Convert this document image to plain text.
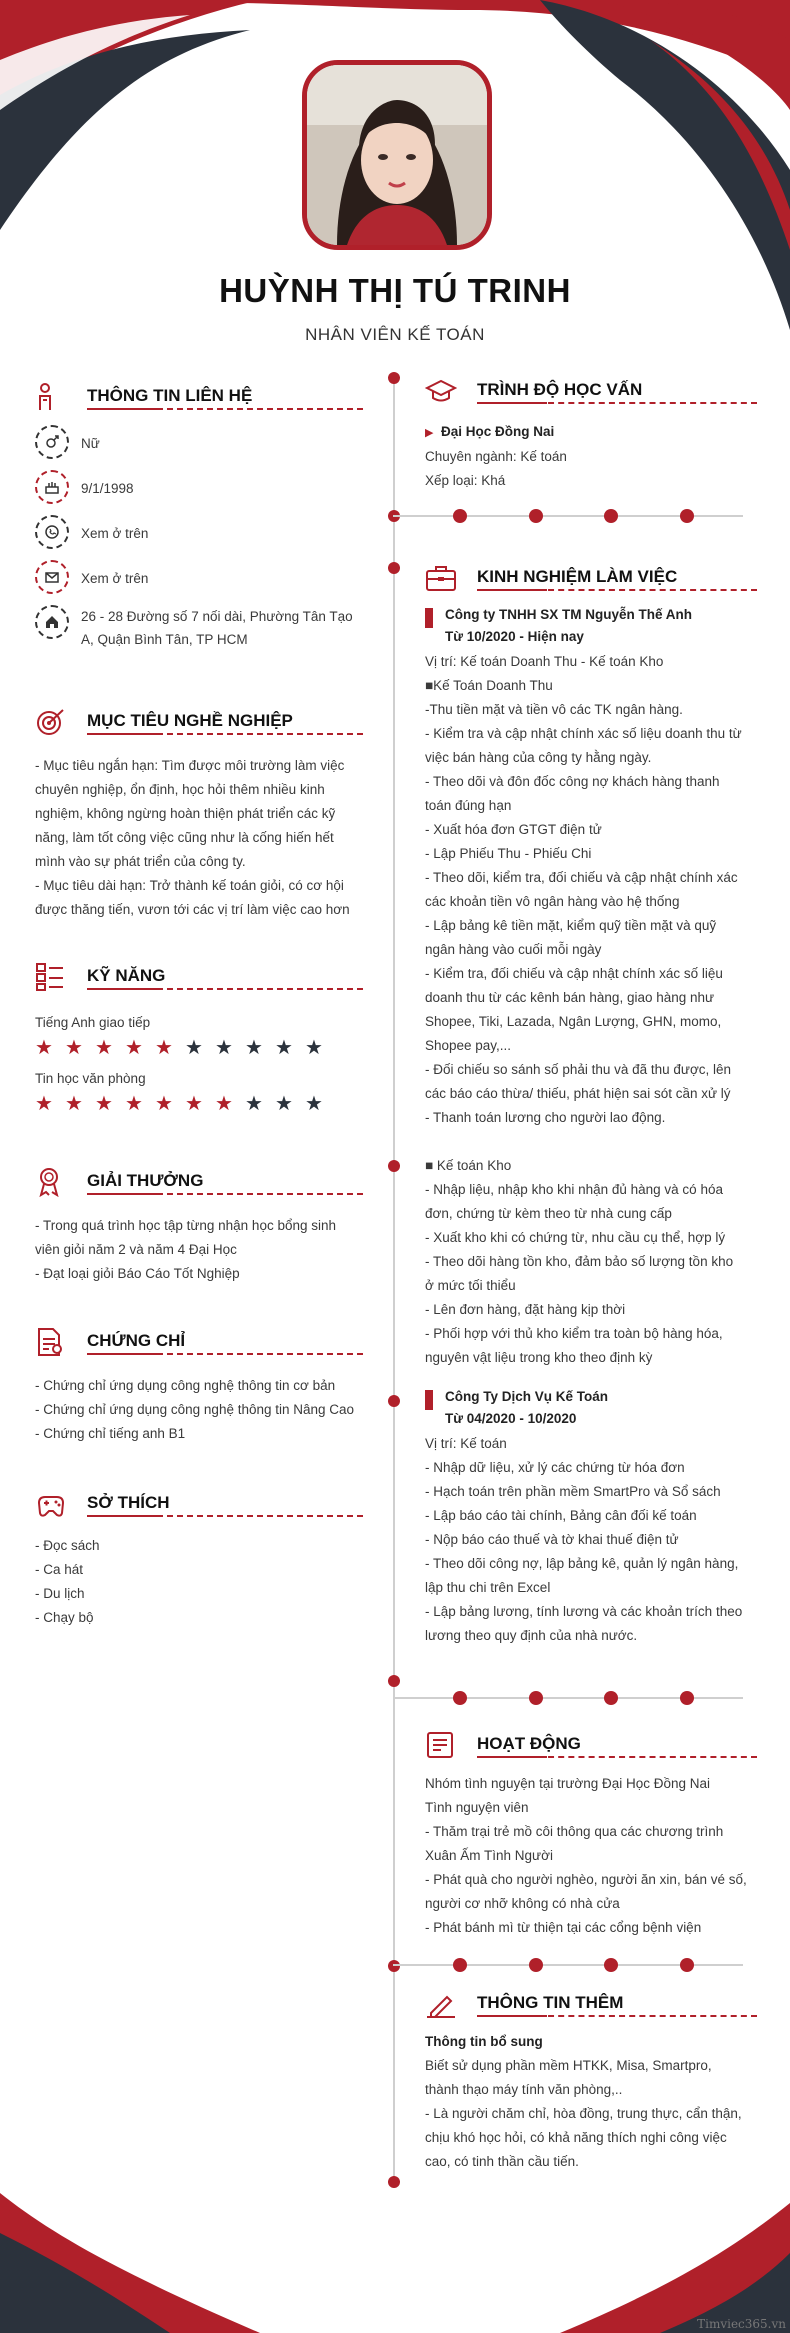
HUỲNH THỊ TÚ TRINH
NHÂN VIÊN KẾ TOÁN
THÔNG TIN LIÊN HỆ
Nữ
9/1/1998
Xem ở trên
Xem ở trên
26 - 28 Đường số 7 nối dài, Phường Tân Tạo
A, Quận Bình Tân, TP HCM
MỤC TIÊU NGHỀ NGHIỆP
- Mục tiêu ngắn hạn: Tìm được môi trường làm việc
chuyên nghiệp, ổn định, học hỏi thêm nhiều kinh
nghiệm, không ngừng hoàn thiện phát triển các kỹ
năng, làm tốt công việc cũng như là cống hiến hết
mình vào sự phát triển của công ty.
- Mục tiêu dài hạn: Trở thành kế toán giỏi, có cơ hội
được thăng tiến, vươn tới các vị trí làm việc cao hơn
KỸ NĂNG
Tiếng Anh giao tiếp
★ ★ ★ ★ ★ ★ ★ ★ ★ ★
Tin học văn phòng
★ ★ ★ ★ ★ ★ ★ ★ ★ ★
GIẢI THƯỞNG
- Trong quá trình học tập từng nhận học bổng sinh
viên giỏi năm 2 và năm 4 Đại Học
- Đạt loại giỏi Báo Cáo Tốt Nghiệp
CHỨNG CHỈ
- Chứng chỉ ứng dụng công nghệ thông tin cơ bản
- Chứng chỉ ứng dụng công nghệ thông tin Nâng Cao
- Chứng chỉ tiếng anh B1
SỞ THÍCH
- Đọc sách
- Ca hát
- Du lịch
- Chạy bộ
TRÌNH ĐỘ HỌC VẤN
▶ Đại Học Đồng Nai
Chuyên ngành: Kế toán
Xếp loại: Khá
KINH NGHIỆM LÀM VIỆC
Công ty TNHH SX TM Nguyễn Thế Anh
Từ 10/2020 - Hiện nay
Vị trí: Kế toán Doanh Thu - Kế toán Kho
■Kế Toán Doanh Thu
-Thu tiền mặt và tiền vô các TK ngân hàng.
- Kiểm tra và cập nhật chính xác số liệu doanh thu từ
việc bán hàng của công ty hằng ngày.
- Theo dõi và đôn đốc công nợ khách hàng thanh
toán đúng hạn
- Xuất hóa đơn GTGT điện tử
- Lập Phiếu Thu - Phiếu Chi
- Theo dõi, kiểm tra, đối chiếu và cập nhật chính xác
các khoản tiền vô ngân hàng vào hệ thống
- Lập bảng kê tiền mặt, kiểm quỹ tiền mặt và quỹ
ngân hàng vào cuối mỗi ngày
- Kiểm tra, đối chiếu và cập nhật chính xác số liệu
doanh thu từ các kênh bán hàng, giao hàng như
Shopee, Tiki, Lazada, Ngân Lượng, GHN, momo,
Shopee pay,...
- Đối chiếu so sánh số phải thu và đã thu được, lên
các báo cáo thừa/ thiếu, phát hiện sai sót cần xử lý
- Thanh toán lương cho người lao động.
■ Kế toán Kho
- Nhập liệu, nhập kho khi nhận đủ hàng và có hóa
đơn, chứng từ kèm theo từ nhà cung cấp
- Xuất kho khi có chứng từ, nhu cầu cụ thể, hợp lý
- Theo dõi hàng tồn kho, đảm bảo số lượng tồn kho
ở mức tối thiểu
- Lên đơn hàng, đặt hàng kịp thời
- Phối hợp với thủ kho kiểm tra toàn bộ hàng hóa,
nguyên vật liệu trong kho theo định kỳ
Công Ty Dịch Vụ Kế Toán
Từ 04/2020 - 10/2020
Vị trí: Kế toán
- Nhập dữ liệu, xử lý các chứng từ hóa đơn
- Hạch toán trên phần mềm SmartPro và Sổ sách
- Lập báo cáo tài chính, Bảng cân đối kế toán
- Nộp báo cáo thuế và tờ khai thuế điện tử
- Theo dõi công nợ, lập bảng kê, quản lý ngân hàng,
lập thu chi trên Excel
- Lập bảng lương, tính lương và các khoản trích theo
lương theo quy định của nhà nước.
HOẠT ĐỘNG
Nhóm tình nguyện tại trường Đại Học Đồng Nai
Tình nguyện viên
- Thăm trại trẻ mồ côi thông qua các chương trình
Xuân Ấm Tình Người
- Phát quà cho người nghèo, người ăn xin, bán vé số,
người cơ nhỡ không có nhà cửa
- Phát bánh mì từ thiện tại các cổng bệnh viện
THÔNG TIN THÊM
Thông tin bổ sung
Biết sử dụng phần mềm HTKK, Misa, Smartpro,
thành thạo máy tính văn phòng,..
- Là người chăm chỉ, hòa đồng, trung thực, cẩn thận,
chịu khó học hỏi, có khả năng thích nghi công việc
cao, có tinh thần cầu tiến.
Timviec365.vn
